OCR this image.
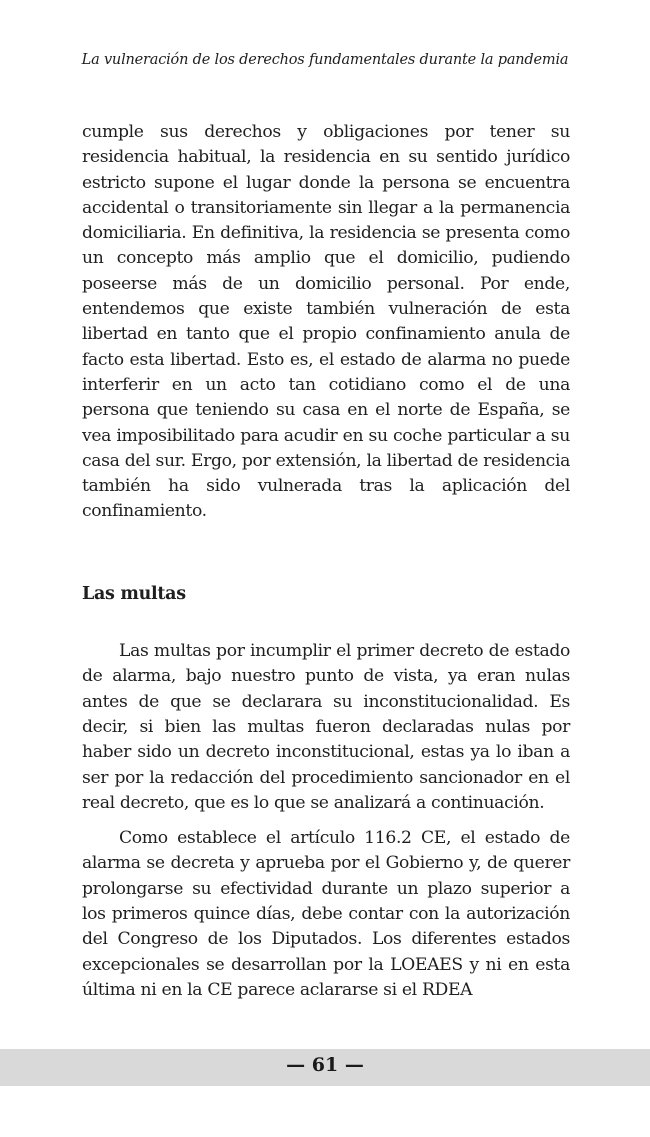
La vulneración de los derechos fundamentales durante la pandemia

cumple sus derechos y obligaciones por tener su residencia habitual, la residencia en su sentido jurídico estricto supone el lugar donde la persona se encuentra accidental o transitoriamente sin llegar a la permanencia domiciliaria. En definitiva, la residencia se presenta como un concepto más amplio que el domicilio, pudiendo poseerse más de un domicilio personal. Por ende, entendemos que existe también vulneración de esta libertad en tanto que el propio confinamiento anula de facto esta libertad. Esto es, el estado de alarma no puede interferir en un acto tan cotidiano como el de una persona que teniendo su casa en el norte de España, se vea imposibilitado para acudir en su coche particular a su casa del sur. Ergo, por extensión, la libertad de residencia también ha sido vulnerada tras la aplicación del confinamiento.

Las multas

Las multas por incumplir el primer decreto de estado de alarma, bajo nuestro punto de vista, ya eran nulas antes de que se declarara su inconstitucionalidad. Es decir, si bien las multas fueron declaradas nulas por haber sido un decreto inconstitucional, estas ya lo iban a ser por la redacción del procedimiento sancionador en el real decreto, que es lo que se analizará a continuación.

Como establece el artículo 116.2 CE, el estado de alarma se decreta y aprueba por el Gobierno y, de querer prolongarse su efectividad durante un plazo superior a los primeros quince días, debe contar con la autorización del Congreso de los Diputados. Los diferentes estados excepcionales se desarrollan por la LOEAES y ni en esta última ni en la CE parece aclararse si el RDEA

— 61 —
